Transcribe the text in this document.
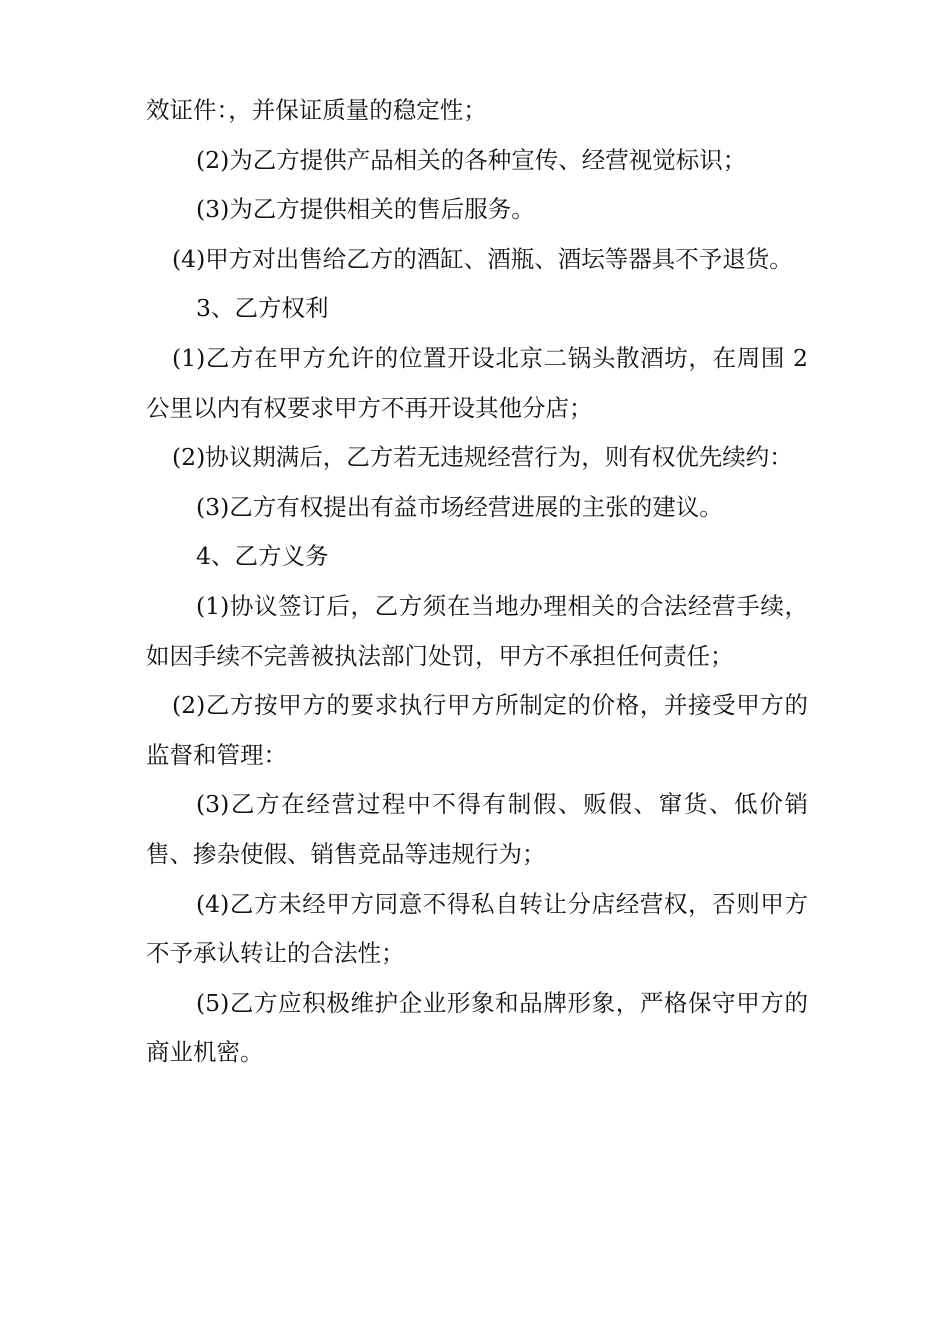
效证件：，并保证质量的稳定性；

(2)为乙方提供产品相关的各种宣传、经营视觉标识；

(3)为乙方提供相关的售后服务。

(4)甲方对出售给乙方的酒缸、酒瓶、酒坛等器具不予退货。

3、乙方权利

(1)乙方在甲方允许的位置开设北京二锅头散酒坊，在周围 2 公里以内有权要求甲方不再开设其他分店；

(2)协议期满后，乙方若无违规经营行为，则有权优先续约：

(3)乙方有权提出有益市场经营进展的主张的建议。

4、乙方义务

(1)协议签订后，乙方须在当地办理相关的合法经营手续，如因手续不完善被执法部门处罚，甲方不承担任何责任；

(2)乙方按甲方的要求执行甲方所制定的价格，并接受甲方的监督和管理：

(3)乙方在经营过程中不得有制假、贩假、窜货、低价销售、掺杂使假、销售竞品等违规行为；

(4)乙方未经甲方同意不得私自转让分店经营权，否则甲方不予承认转让的合法性；

(5)乙方应积极维护企业形象和品牌形象，严格保守甲方的商业机密。
